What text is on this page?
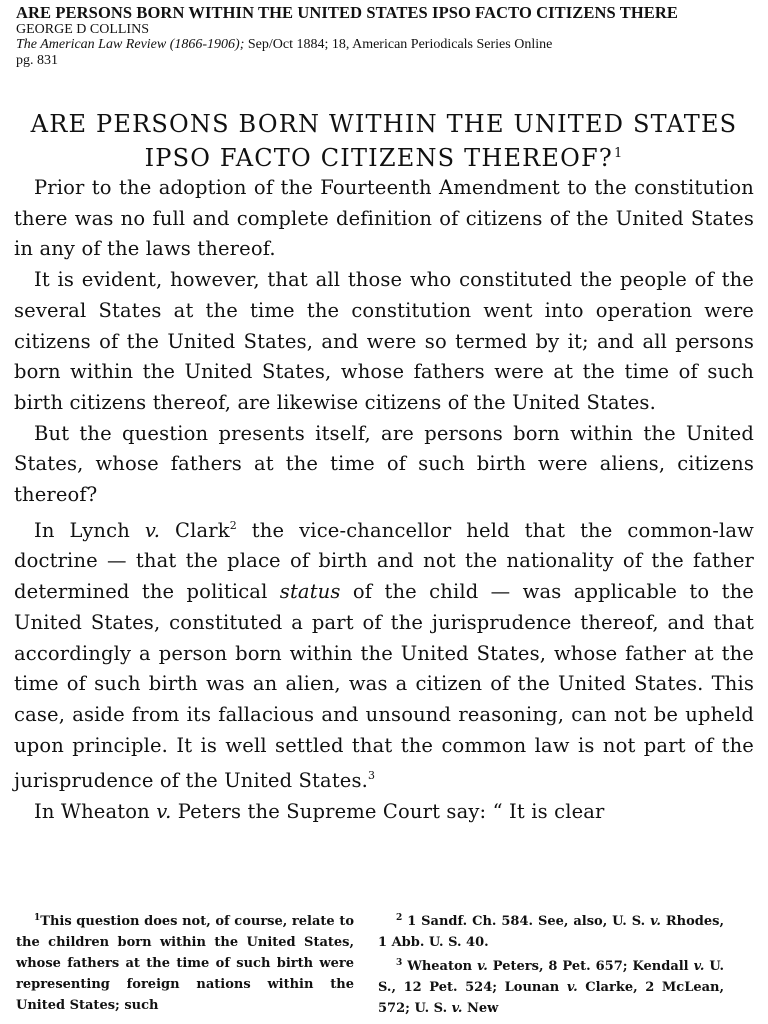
ARE PERSONS BORN WITHIN THE UNITED STATES IPSO FACTO CITIZENS THERE
GEORGE D COLLINS
The American Law Review (1866-1906); Sep/Oct 1884; 18, American Periodicals Series Online
pg. 831
ARE PERSONS BORN WITHIN THE UNITED STATES
IPSO FACTO CITIZENS THEREOF?$^1$

Prior to the adoption of the Fourteenth Amendment to the constitution there was no full and complete definition of citizens of the United States in any of the laws thereof.

It is evident, however, that all those who constituted the people of the several States at the time the constitution went into operation were citizens of the United States, and were so termed by it; and all persons born within the United States, whose fathers were at the time of such birth citizens thereof, are likewise citizens of the United States.

But the question presents itself, are persons born within the United States, whose fathers at the time of such birth were aliens, citizens thereof?

In Lynch v. Clark$^2$ the vice-chancellor held that the common-law doctrine — that the place of birth and not the nationality of the father determined the political status of the child — was applicable to the United States, constituted a part of the jurisprudence thereof, and that accordingly a person born within the United States, whose father at the time of such birth was an alien, was a citizen of the United States. This case, aside from its fallacious and unsound reasoning, can not be upheld upon principle. It is well settled that the common law is not part of the jurisprudence of the United States.$^3$

In Wheaton v. Peters the Supreme Court say: “ It is clear

$^1$This question does not, of course, relate to the children born within the United States, whose fathers at the time of such birth were representing foreign nations within the United States; such

$^2$ 1 Sandf. Ch. 584. See, also, U. S. v. Rhodes, 1 Abb. U. S. 40.

$^3$ Wheaton v. Peters, 8 Pet. 657; Kendall v. U. S., 12 Pet. 524; Lounan v. Clarke, 2 McLean, 572; U. S. v. New
